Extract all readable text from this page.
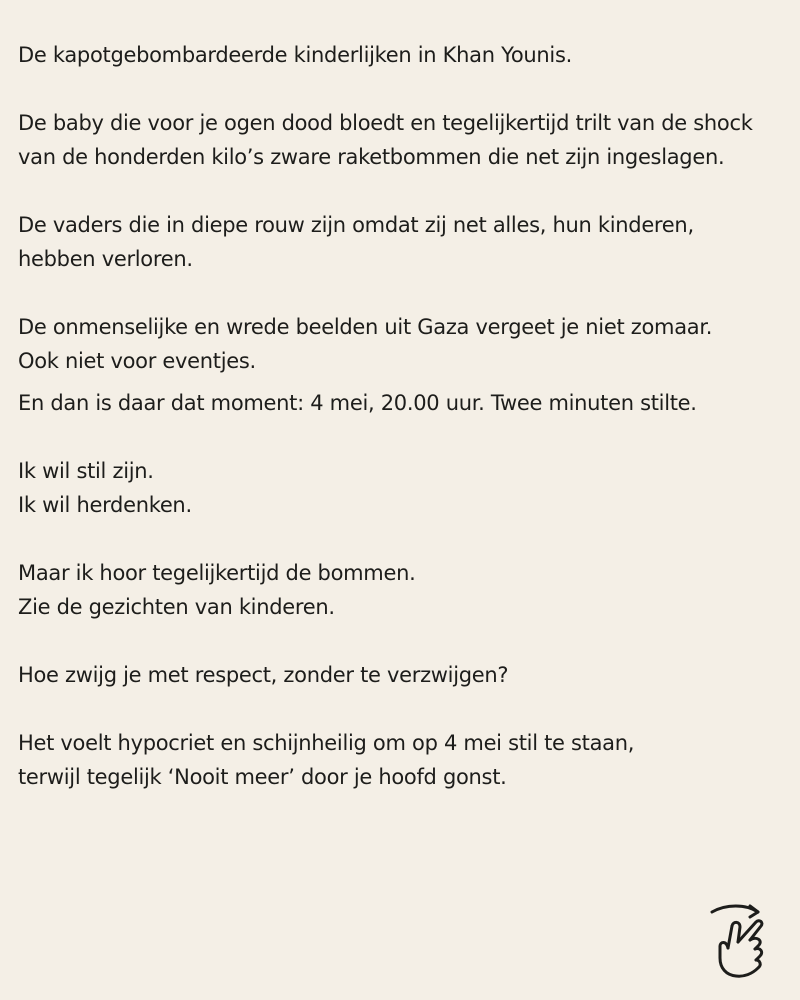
De kapotgebombardeerde kinderlijken in Khan Younis.
De baby die voor je ogen dood bloedt en tegelijkertijd trilt van de shock
van de honderden kilo’s zware raketbommen die net zijn ingeslagen.
De vaders die in diepe rouw zijn omdat zij net alles, hun kinderen,
hebben verloren.
De onmenselijke en wrede beelden uit Gaza vergeet je niet zomaar.
Ook niet voor eventjes.
En dan is daar dat moment: 4 mei, 20.00 uur. Twee minuten stilte.
Ik wil stil zijn.
Ik wil herdenken.
Maar ik hoor tegelijkertijd de bommen.
Zie de gezichten van kinderen.
Hoe zwijg je met respect, zonder te verzwijgen?
Het voelt hypocriet en schijnheilig om op 4 mei stil te staan,
terwijl tegelijk ‘Nooit meer’ door je hoofd gonst.
